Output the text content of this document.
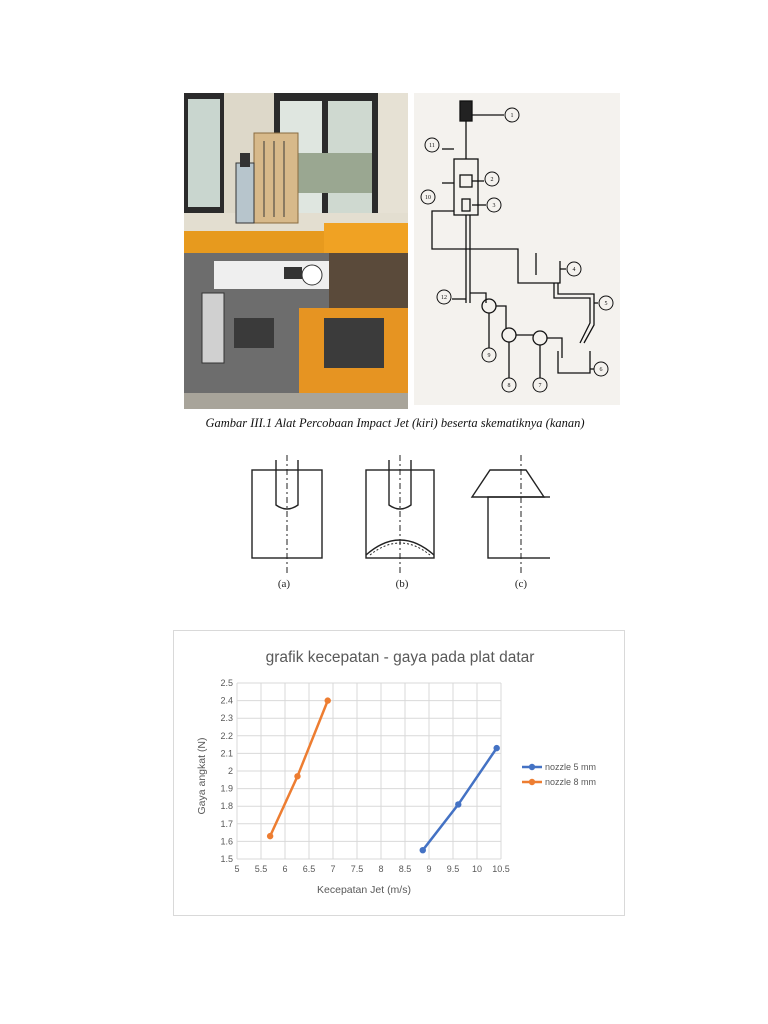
1
2
3
4
5
6
7
8
9
10
11
12
Gambar III.1 Alat Percobaan Impact Jet (kiri) beserta skematiknya (kanan)
(a)	(b)	(c)
grafik kecepatan - gaya pada plat datar
5 5.5 6 6.5 7 7.5 8 8.5 9 9.5 10 10.5
1.5
1.6
1.7
1.8
1.9
2
2.1
2.2
2.3
2.4
2.5
Kecepatan Jet (m/s)
Gaya angkat (N)	nozzle 5 mm
nozzle 8 mm
